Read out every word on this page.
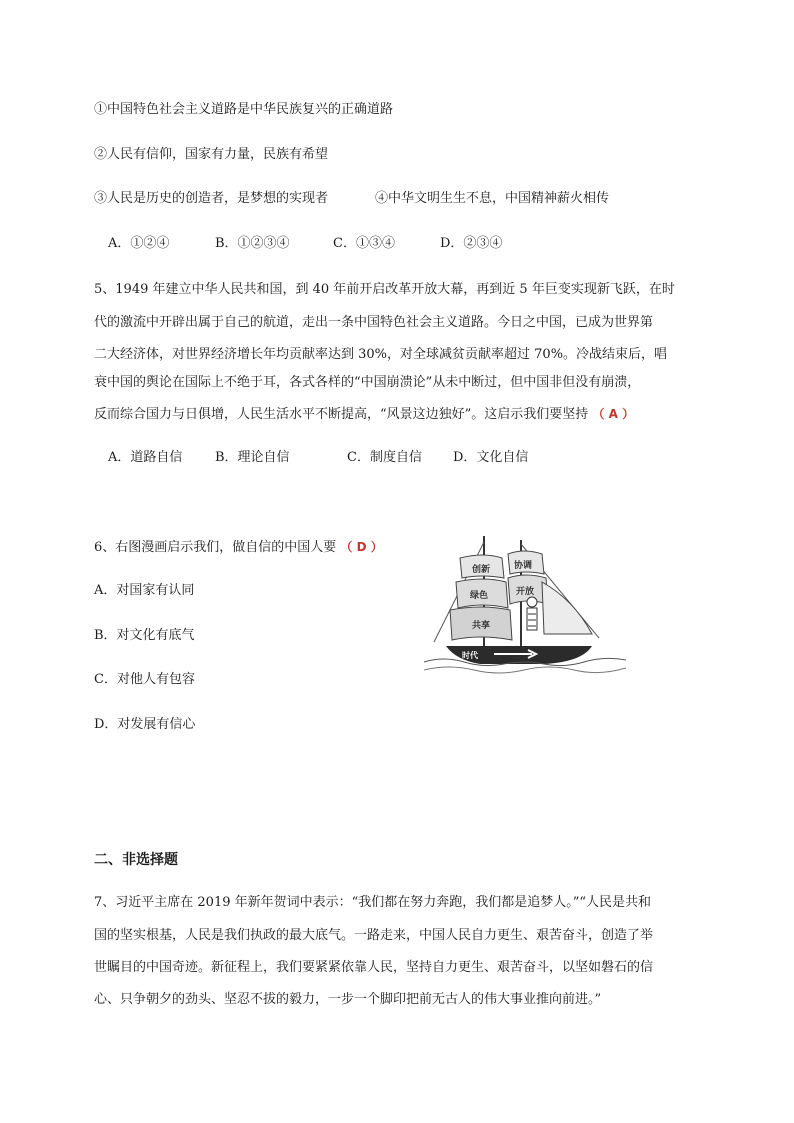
①中国特色社会主义道路是中华民族复兴的正确道路
②人民有信仰，国家有力量，民族有希望
③人民是历史的创造者，是梦想的实现者	④中华文明生生不息，中国精神薪火相传
A．①②④	B．①②③④	C．①③④	D．②③④
5、1949 年建立中华人民共和国，到 40 年前开启改革开放大幕，再到近 5 年巨变实现新飞跃，在时
代的激流中开辟出属于自己的航道，走出一条中国特色社会主义道路。今日之中国，已成为世界第
二大经济体，对世界经济增长年均贡献率达到 30%，对全球减贫贡献率超过 70%。冷战结束后，唱
衰中国的舆论在国际上不绝于耳，各式各样的“中国崩溃论”从未中断过，但中国非但没有崩溃，
反而综合国力与日俱增，人民生活水平不断提高，“风景这边独好”。这启示我们要坚持 （ A ）
A．道路自信	B．理论自信	C．制度自信 D．文化自信
6、右图漫画启示我们，做自信的中国人要 （ D ）
A．对国家有认同
B．对文化有底气
C．对他人有包容
D．对发展有信心
创新	协调
绿色	开放
共享
时代
二、非选择题
7、习近平主席在 2019 年新年贺词中表示：“我们都在努力奔跑，我们都是追梦人。”“人民是共和
国的坚实根基，人民是我们执政的最大底气。一路走来，中国人民自力更生、艰苦奋斗，创造了举
世瞩目的中国奇迹。新征程上，我们要紧紧依靠人民，坚持自力更生、艰苦奋斗，以坚如磐石的信
心、只争朝夕的劲头、坚忍不拔的毅力，一步一个脚印把前无古人的伟大事业推向前进。”
